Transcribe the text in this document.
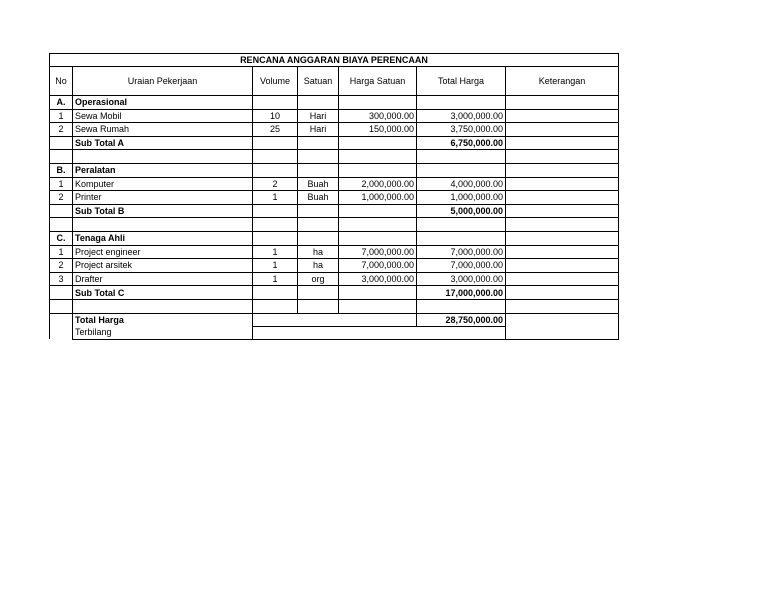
RENCANA ANGGARAN BIAYA PERENCAAN						
No	Uraian Pekerjaan	Volume	Satuan	Harga Satuan	Total Harga	Keterangan
A.	Operasional					
1	Sewa Mobil	10	Hari	300,000.00	3,000,000.00	
2	Sewa Rumah	25	Hari	150,000.00	3,750,000.00	
	Sub Total A				6,750,000.00	

B.	Peralatan					
1	Komputer	2	Buah	2,000,000.00	4,000,000.00	
2	Printer	1	Buah	1,000,000.00	1,000,000.00	
	Sub Total B				5,000,000.00	

C.	Tenaga Ahli					
1	Project engineer	1	ha	7,000,000.00	7,000,000.00	
2	Project arsitek	1	ha	7,000,000.00	7,000,000.00	
3	Drafter	1	org	3,000,000.00	3,000,000.00	
	Sub Total C				17,000,000.00	

	Total Harga				28,750,000.00	
	Terbilang					
